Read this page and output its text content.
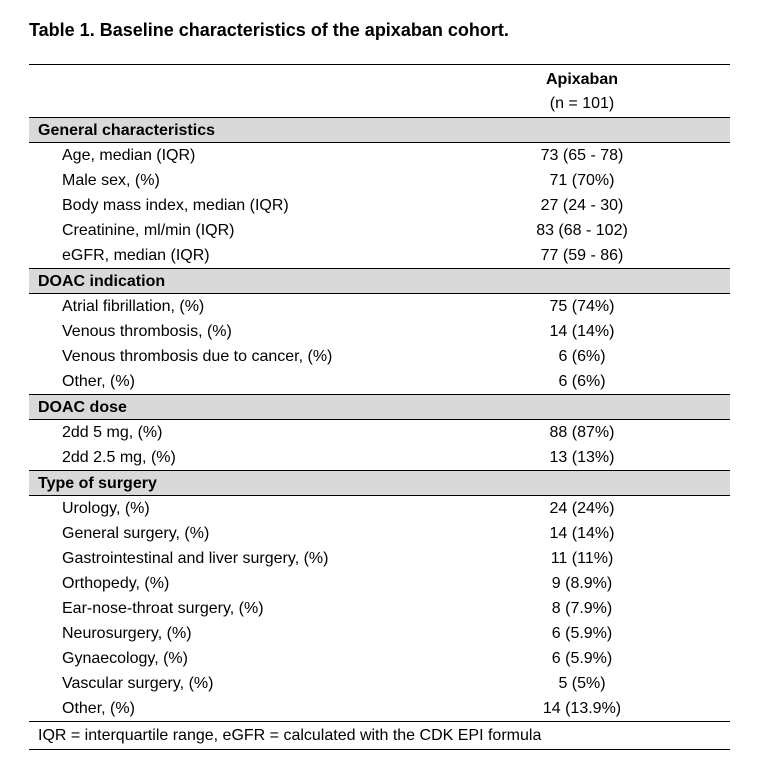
Table 1. Baseline characteristics of the apixaban cohort.
Apixaban
(n = 101)
General characteristics
Age, median (IQR)	73 (65 - 78)
Male sex, (%)	71 (70%)
Body mass index, median (IQR)	27 (24 - 30)
Creatinine, ml/min (IQR)	83 (68 - 102)
eGFR, median (IQR)	77 (59 - 86)
DOAC indication
Atrial fibrillation, (%)	75 (74%)
Venous thrombosis, (%)	14 (14%)
Venous thrombosis due to cancer, (%)	6 (6%)
Other, (%)	6 (6%)
DOAC dose
2dd 5 mg, (%)	88 (87%)
2dd 2.5 mg, (%)	13 (13%)
Type of surgery
Urology, (%)	24 (24%)
General surgery, (%)	14 (14%)
Gastrointestinal and liver surgery, (%)	11 (11%)
Orthopedy, (%)	9 (8.9%)
Ear-nose-throat surgery, (%)	8 (7.9%)
Neurosurgery, (%)	6 (5.9%)
Gynaecology, (%)	6 (5.9%)
Vascular surgery, (%)	5 (5%)
Other, (%)	14 (13.9%)
IQR = interquartile range, eGFR = calculated with the CDK EPI formula
